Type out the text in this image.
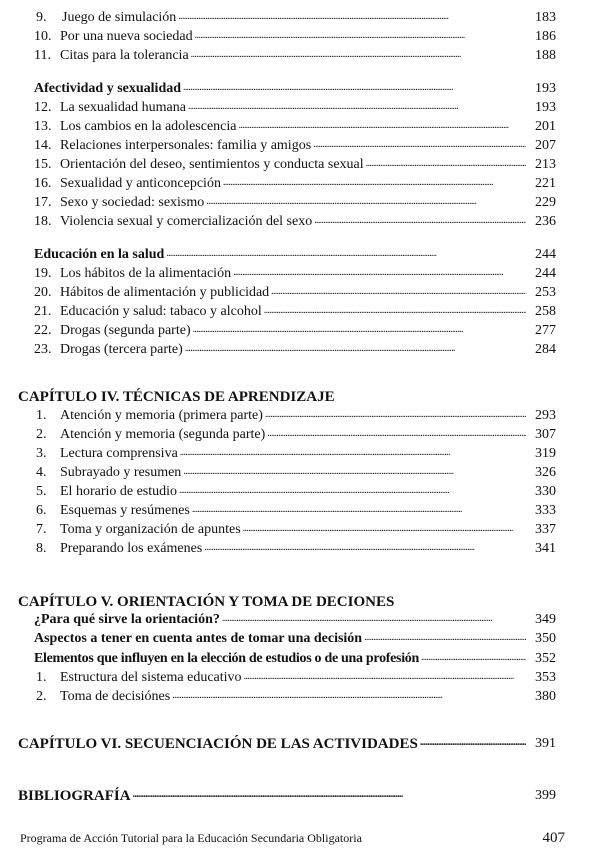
9.	Juego de simulación . . .	183
10. Por una nueva sociedad . . .	186
11. Citas para la tolerancia . . .	188
Afectividad y sexualidad . . .	193
12. La sexualidad humana . . .	193
13. Los cambios en la adolescencia . . .	201
14. Relaciones interpersonales: familia y amigos . . .	207
15. Orientación del deseo, sentimientos y conducta sexual . . .	213
16. Sexualidad y anticoncepción . . .	221
17. Sexo y sociedad: sexismo . . .	229
18. Violencia sexual y comercialización del sexo . . .	236
Educación en la salud . . .	244
19. Los hábitos de la alimentación . . .	244
20. Hábitos de alimentación y publicidad . . .	253
21. Educación y salud: tabaco y alcohol . . .	258
22. Drogas (segunda parte) . . .	277
23. Drogas (tercera parte) . . .	284
CAPÍTULO IV. TÉCNICAS DE APRENDIZAJE
1. Atención y memoria (primera parte) . . .	293
2. Atención y memoria (segunda parte) . . .	307
3. Lectura comprensiva . . .	319
4. Subrayado y resumen . . .	326
5. El horario de estudio . . .	330
6. Esquemas y resúmenes . . .	333
7. Toma y organización de apuntes . . .	337
8. Preparando los exámenes . . .	341
CAPÍTULO V. ORIENTACIÓN Y TOMA DE DECIONES
¿Para qué sirve la orientación? . . .	349
Aspectos a tener en cuenta antes de tomar una decisión . . .	350
Elementos que influyen en la elección de estudios o de una profesión . . .	352
1. Estructura del sistema educativo . . .	353
2. Toma de decisiónes . . .	380
CAPÍTULO VI. SECUENCIACIÓN DE LAS ACTIVIDADES . . .	391
BIBLIOGRAFÍA . . .	399
Programa de Acción Tutorial para la Educación Secundaria Obligatoria	407
